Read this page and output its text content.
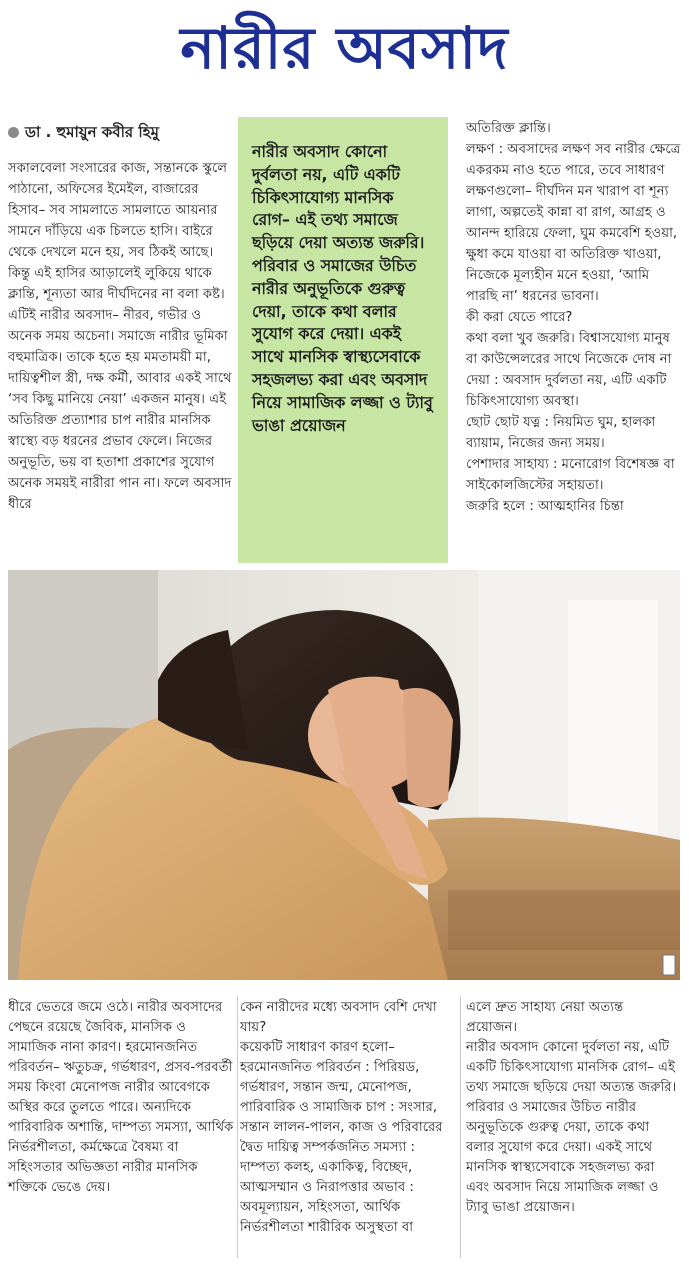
নারীর অবসাদ
ডা . হুমায়ুন কবীর হিমু

সকালবেলা সংসারের কাজ, সন্তানকে স্কুলে পাঠানো, অফিসের ইমেইল, বাজারের হিসাব– সব সামলাতে সামলাতে আয়নার সামনে দাঁড়িয়ে এক চিলতে হাসি। বাইরে থেকে দেখলে মনে হয়, সব ঠিকই আছে। কিন্তু এই হাসির আড়ালেই লুকিয়ে থাকে ক্লান্তি, শূন্যতা আর দীর্ঘদিনের না বলা কষ্ট। এটিই নারীর অবসাদ– নীরব, গভীর ও অনেক সময় অচেনা। সমাজে নারীর ভূমিকা বহুমাত্রিক। তাকে হতে হয় মমতাময়ী মা, দায়িত্বশীল স্ত্রী, দক্ষ কর্মী, আবার একই সাথে ‘সব কিছু মানিয়ে নেয়া’ একজন মানুষ। এই অতিরিক্ত প্রত্যাশার চাপ নারীর মানসিক স্বাস্থ্যে বড় ধরনের প্রভাব ফেলে। নিজের অনুভূতি, ভয় বা হতাশা প্রকাশের সুযোগ অনেক সময়ই নারীরা পান না। ফলে অবসাদ ধীরে

নারীর অবসাদ কোনো দুর্বলতা নয়, এটি একটি চিকিৎসাযোগ্য মানসিক রোগ– এই তথ্য সমাজে ছড়িয়ে দেয়া অত্যন্ত জরুরি। পরিবার ও সমাজের উচিত নারীর অনুভূতিকে গুরুত্ব দেয়া, তাকে কথা বলার সুযোগ করে দেয়া। একই সাথে মানসিক স্বাস্থ্যসেবাকে সহজলভ্য করা এবং অবসাদ নিয়ে সামাজিক লজ্জা ও ট্যাবু ভাঙা প্রয়োজন

অতিরিক্ত ক্লান্তি।

লক্ষণ : অবসাদের লক্ষণ সব নারীর ক্ষেত্রে একরকম নাও হতে পারে, তবে সাধারণ লক্ষণগুলো– দীর্ঘদিন মন খারাপ বা শূন্য লাগা, অল্পতেই কান্না বা রাগ, আগ্রহ ও আনন্দ হারিয়ে ফেলা, ঘুম কমবেশি হওয়া, ক্ষুধা কমে যাওয়া বা অতিরিক্ত খাওয়া, নিজেকে মূল্যহীন মনে হওয়া, ‘আমি পারছি না’ ধরনের ভাবনা।

কী করা যেতে পারে?

কথা বলা খুব জরুরি। বিশ্বাসযোগ্য মানুষ বা কাউন্সেলরের সাথে নিজেকে দোষ না দেয়া : অবসাদ দুর্বলতা নয়, এটি একটি চিকিৎসাযোগ্য অবস্থা।

ছোট ছোট যত্ন : নিয়মিত ঘুম, হালকা ব্যায়াম, নিজের জন্য সময়।

পেশাদার সাহায্য : মনোরোগ বিশেষজ্ঞ বা সাইকোলজিস্টের সহায়তা।

জরুরি হলে : আত্মহানির চিন্তা

ধীরে ভেতরে জমে ওঠে। নারীর অবসাদের পেছনে রয়েছে জৈবিক, মানসিক ও সামাজিক নানা কারণ। হরমোনজনিত পরিবর্তন– ঋতুচক্র, গর্ভধারণ, প্রসব-পরবর্তী সময় কিংবা মেনোপজ নারীর আবেগকে অস্থির করে তুলতে পারে। অন্যদিকে পারিবারিক অশান্তি, দাম্পত্য সমস্যা, আর্থিক নির্ভরশীলতা, কর্মক্ষেত্রে বৈষম্য বা সহিংসতার অভিজ্ঞতা নারীর মানসিক শক্তিকে ভেঙে দেয়।

কেন নারীদের মধ্যে অবসাদ বেশি দেখা যায়?

কয়েকটি সাধারণ কারণ হলো– হরমোনজনিত পরিবর্তন : পিরিয়ড, গর্ভধারণ, সন্তান জন্ম, মেনোপজ, পারিবারিক ও সামাজিক চাপ : সংসার, সন্তান লালন-পালন, কাজ ও পরিবারের দ্বৈত দায়িত্ব সম্পর্কজনিত সমস্যা : দাম্পত্য কলহ, একাকিত্ব, বিচ্ছেদ, আত্মসম্মান ও নিরাপত্তার অভাব : অবমূল্যায়ন, সহিংসতা, আর্থিক নির্ভরশীলতা শারীরিক অসুস্থতা বা

এলে দ্রুত সাহায্য নেয়া অত্যন্ত প্রয়োজন।

নারীর অবসাদ কোনো দুর্বলতা নয়, এটি একটি চিকিৎসাযোগ্য মানসিক রোগ– এই তথ্য সমাজে ছড়িয়ে দেয়া অত্যন্ত জরুরি। পরিবার ও সমাজের উচিত নারীর অনুভূতিকে গুরুত্ব দেয়া, তাকে কথা বলার সুযোগ করে দেয়া। একই সাথে মানসিক স্বাস্থ্যসেবাকে সহজলভ্য করা এবং অবসাদ নিয়ে সামাজিক লজ্জা ও ট্যাবু ভাঙা প্রয়োজন।
